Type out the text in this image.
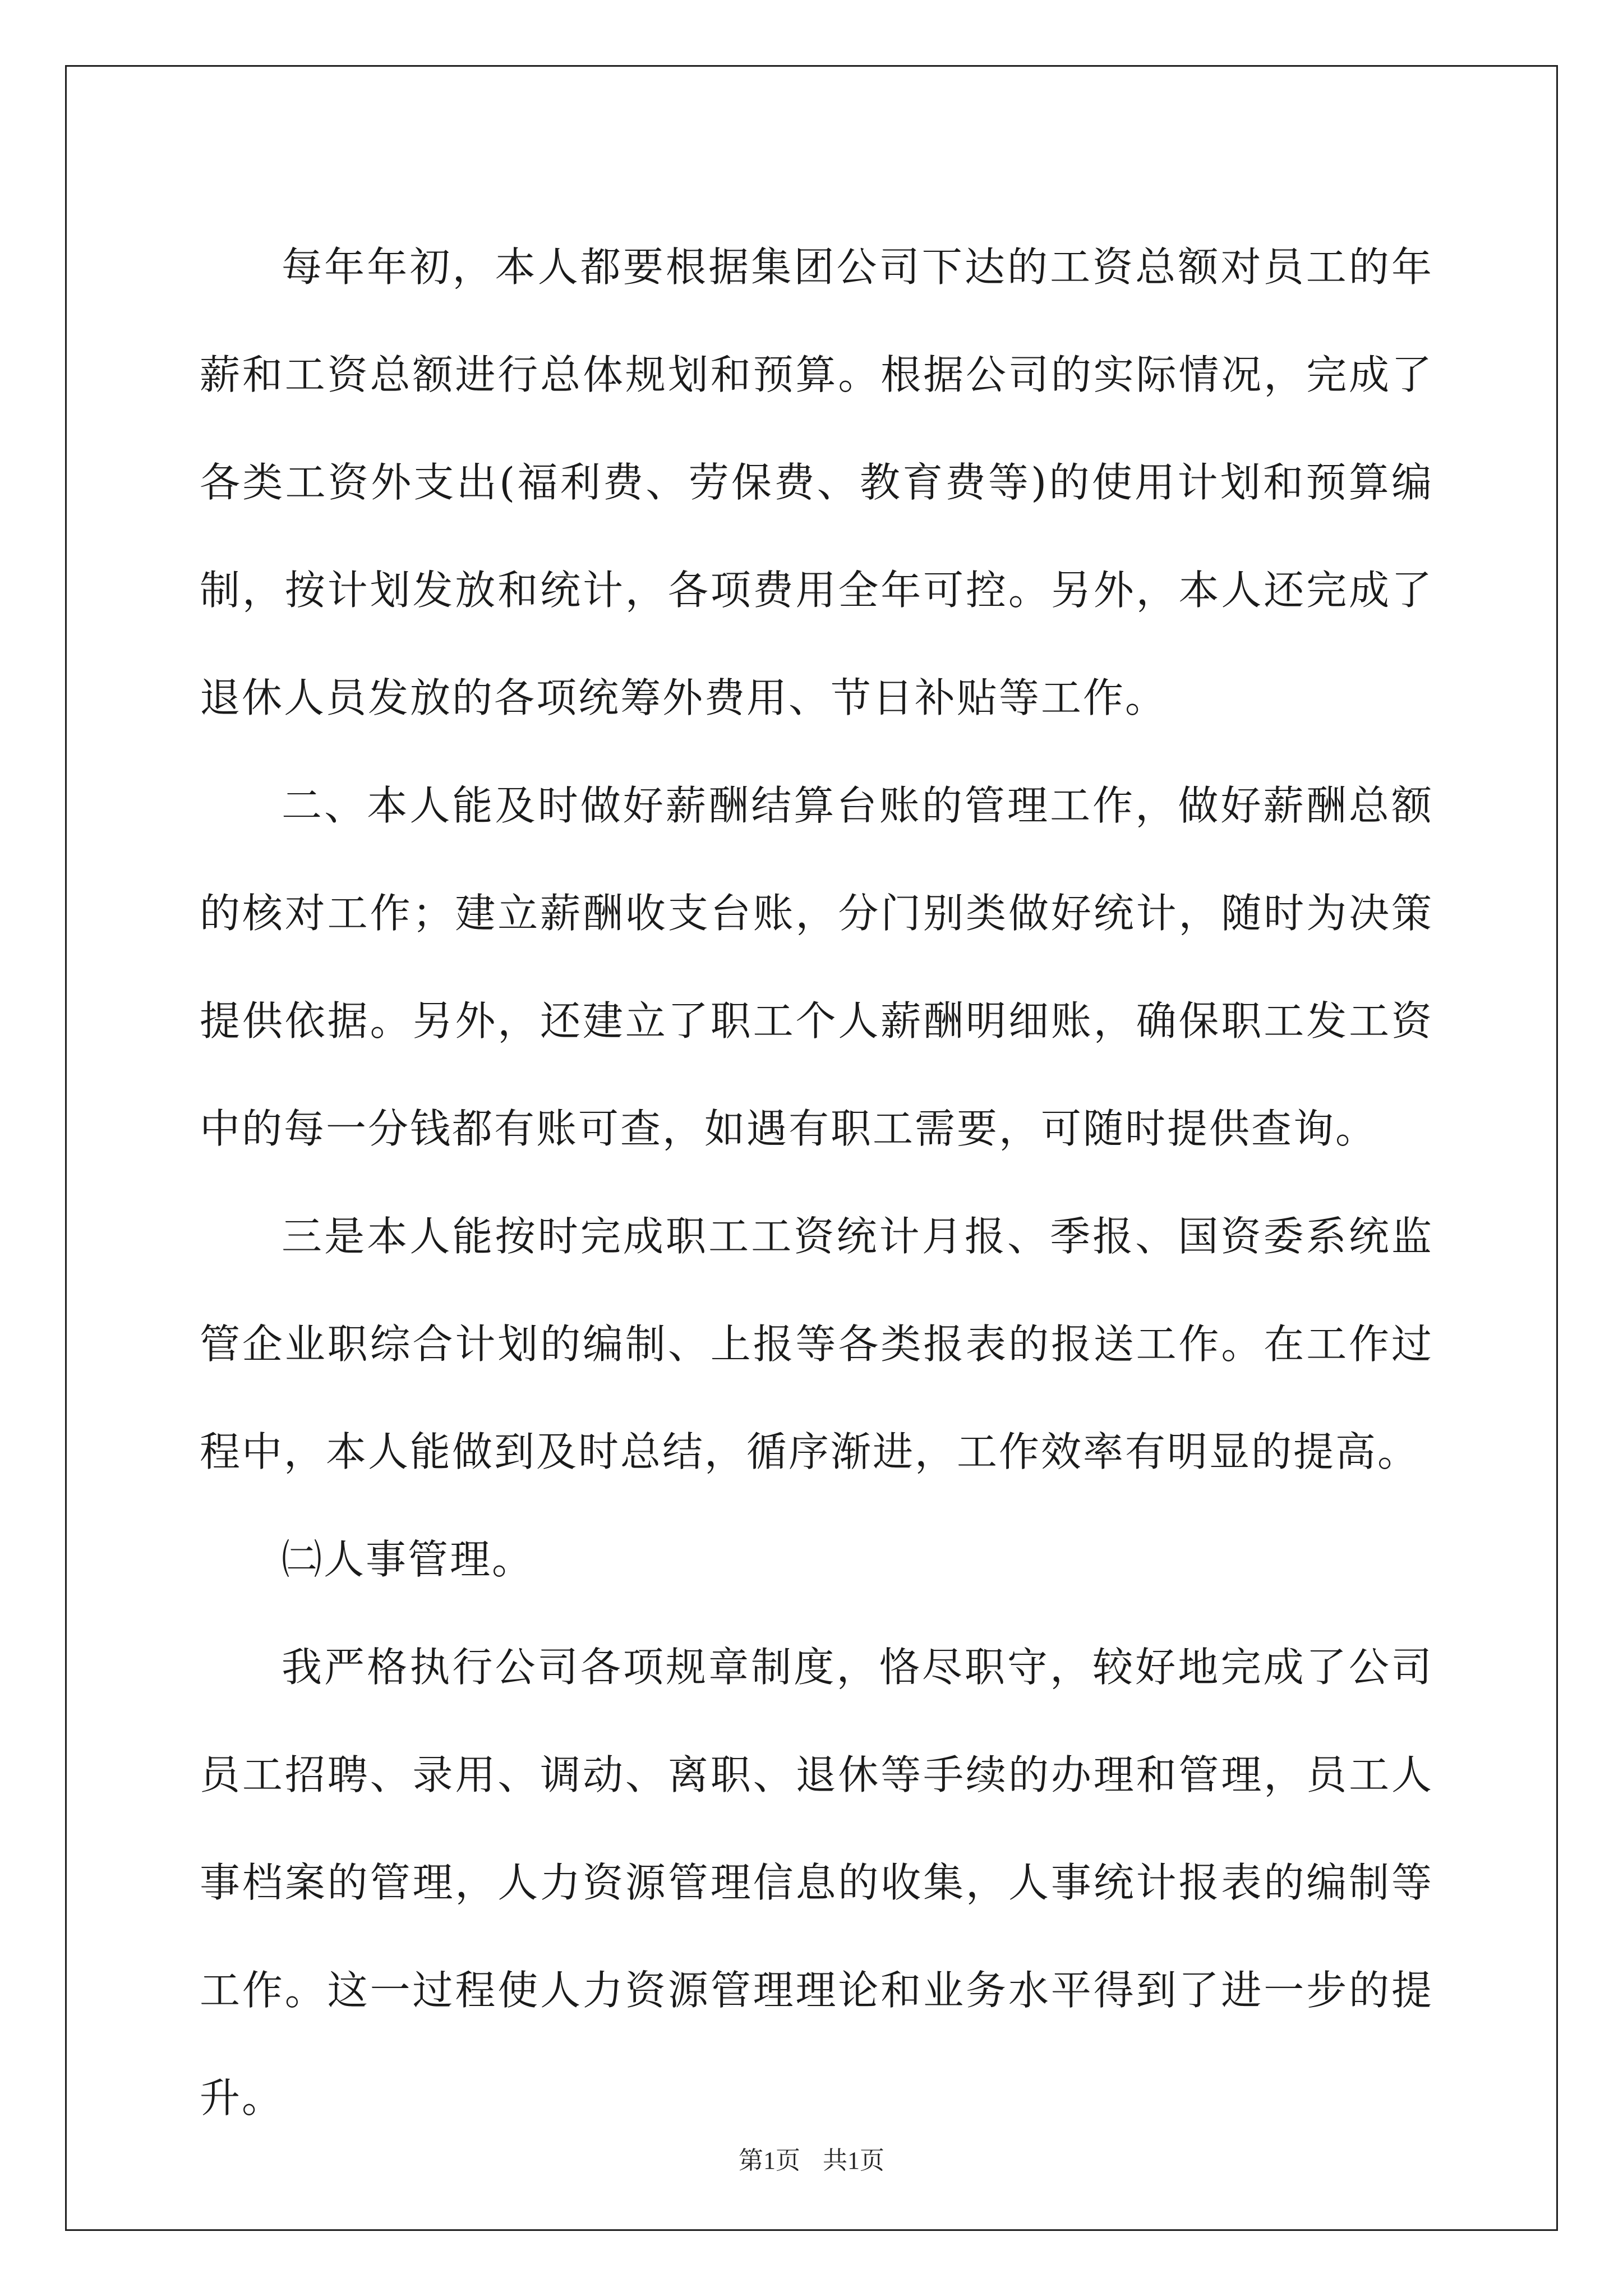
每年年初，本人都要根据集团公司下达的工资总额对员工的年薪和工资总额进行总体规划和预算。根据公司的实际情况，完成了各类工资外支出(福利费、劳保费、教育费等)的使用计划和预算编制，按计划发放和统计，各项费用全年可控。另外，本人还完成了退休人员发放的各项统筹外费用、节日补贴等工作。

二、本人能及时做好薪酬结算台账的管理工作，做好薪酬总额的核对工作；建立薪酬收支台账，分门别类做好统计，随时为决策提供依据。另外，还建立了职工个人薪酬明细账，确保职工发工资中的每一分钱都有账可查，如遇有职工需要，可随时提供查询。

三是本人能按时完成职工工资统计月报、季报、国资委系统监管企业职综合计划的编制、上报等各类报表的报送工作。在工作过程中，本人能做到及时总结，循序渐进，工作效率有明显的提高。

㈡人事管理。

我严格执行公司各项规章制度，恪尽职守，较好地完成了公司员工招聘、录用、调动、离职、退休等手续的办理和管理，员工人事档案的管理，人力资源管理信息的收集，人事统计报表的编制等工作。这一过程使人力资源管理理论和业务水平得到了进一步的提升。

第1页 共1页
